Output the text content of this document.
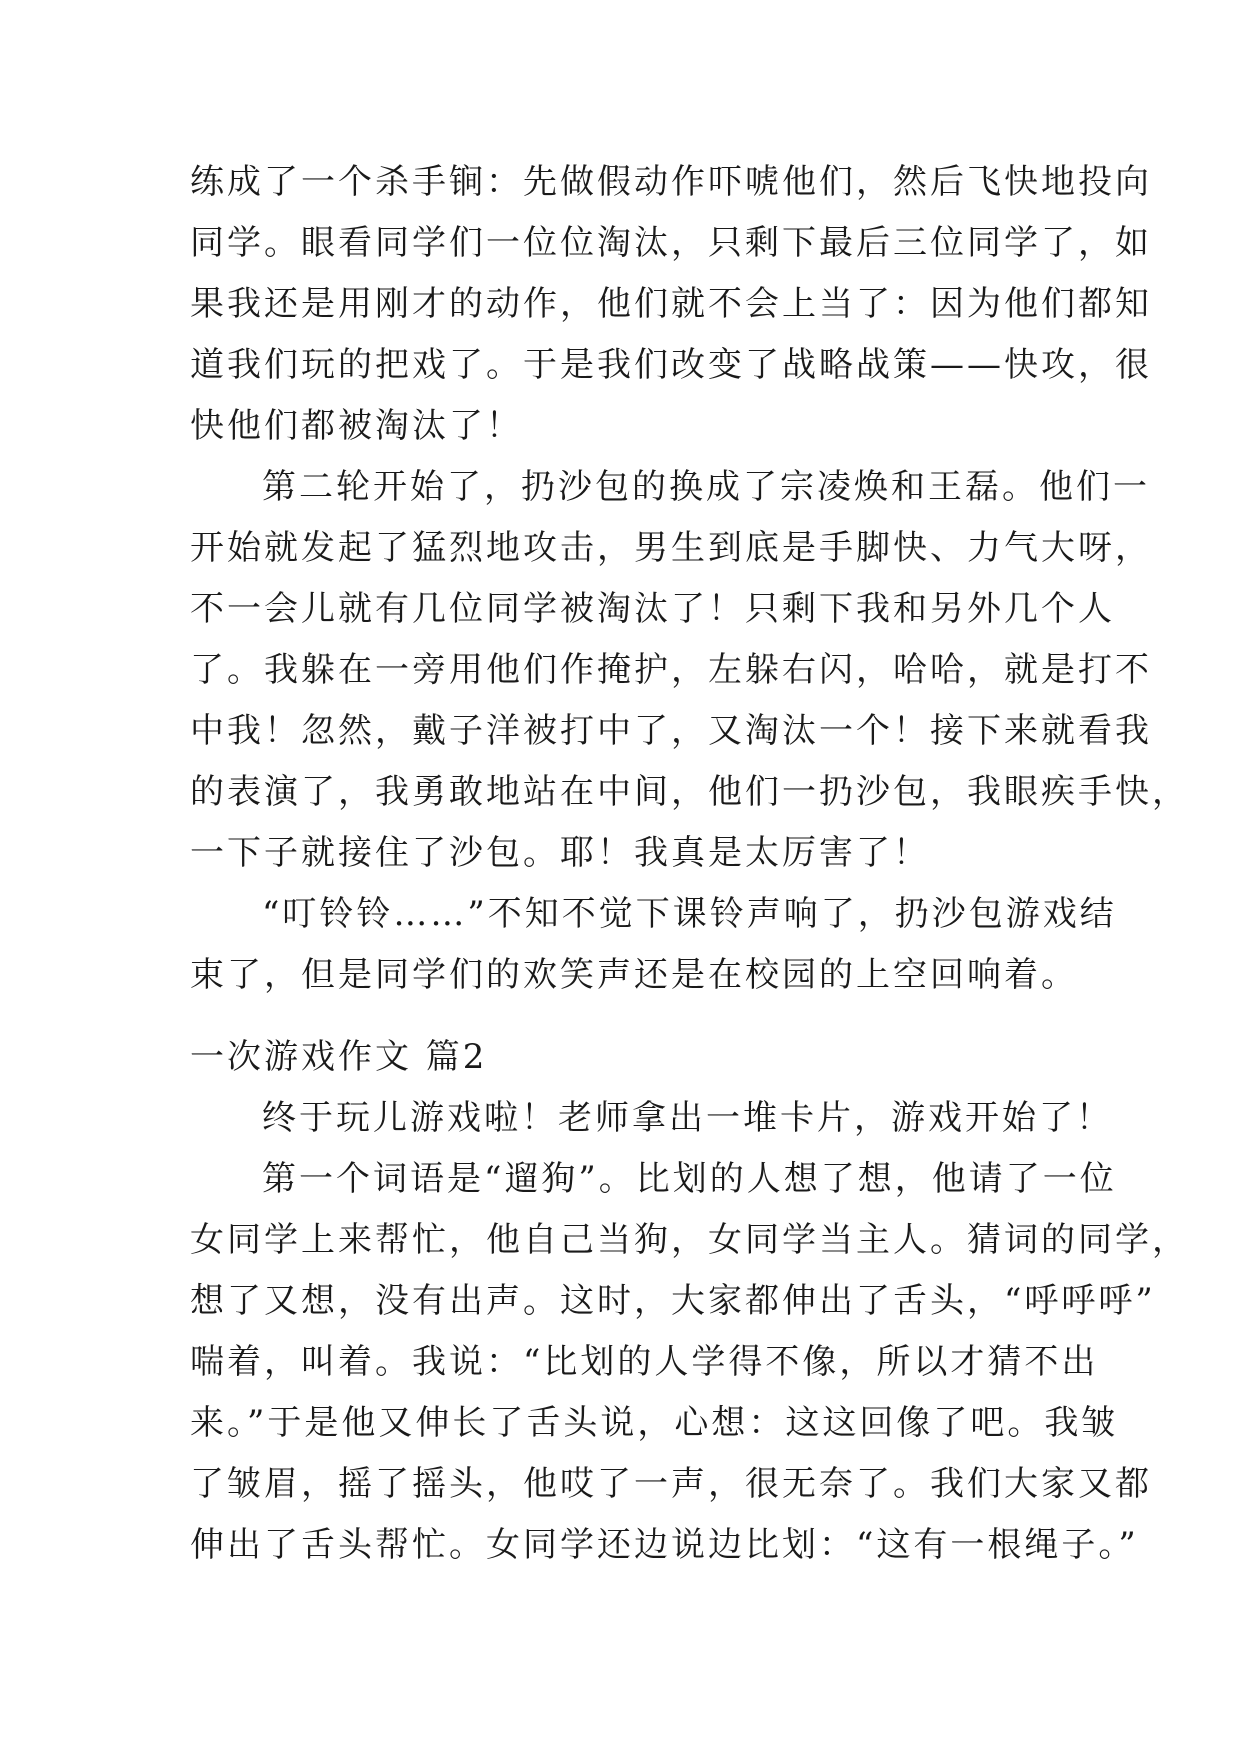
练成了一个杀手锏：先做假动作吓唬他们，然后飞快地投向
同学。眼看同学们一位位淘汰，只剩下最后三位同学了，如
果我还是用刚才的动作，他们就不会上当了：因为他们都知
道我们玩的把戏了。于是我们改变了战略战策——快攻，很
快他们都被淘汰了！
第二轮开始了，扔沙包的换成了宗凌焕和王磊。他们一
开始就发起了猛烈地攻击，男生到底是手脚快、力气大呀，
不一会儿就有几位同学被淘汰了！只剩下我和另外几个人
了。我躲在一旁用他们作掩护，左躲右闪，哈哈，就是打不
中我！忽然，戴子洋被打中了，又淘汰一个！接下来就看我
的表演了，我勇敢地站在中间，他们一扔沙包，我眼疾手快，
一下子就接住了沙包。耶！我真是太厉害了！
“叮铃铃……”不知不觉下课铃声响了，扔沙包游戏结
束了，但是同学们的欢笑声还是在校园的上空回响着。
一次游戏作文 篇2
终于玩儿游戏啦！老师拿出一堆卡片，游戏开始了！
第一个词语是“遛狗”。比划的人想了想，他请了一位
女同学上来帮忙，他自己当狗，女同学当主人。猜词的同学，
想了又想，没有出声。这时，大家都伸出了舌头，“呼呼呼”
喘着，叫着。我说：“比划的人学得不像，所以才猜不出
来。”于是他又伸长了舌头说，心想：这这回像了吧。我皱
了皱眉，摇了摇头，他哎了一声，很无奈了。我们大家又都
伸出了舌头帮忙。女同学还边说边比划：“这有一根绳子。”
